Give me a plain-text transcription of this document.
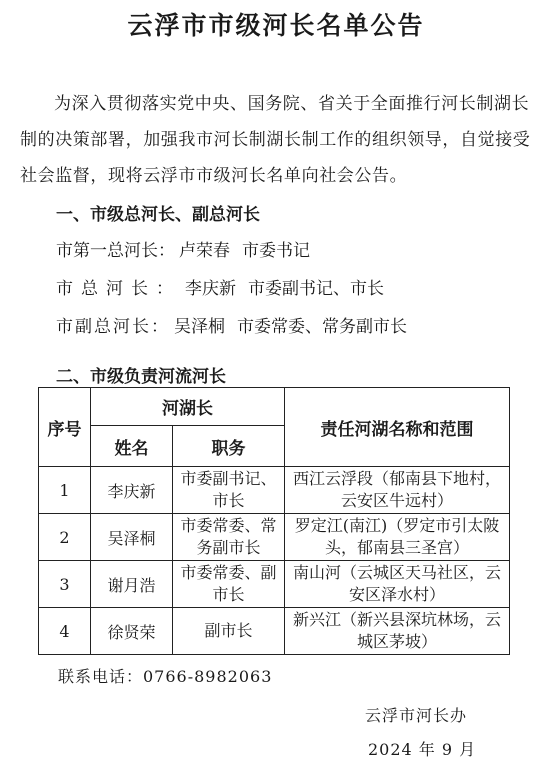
云浮市市级河长名单公告

为深入贯彻落实党中央、国务院、省关于全面推行河长制湖长制的决策部署，加强我市河长制湖长制工作的组织领导，自觉接受社会监督，现将云浮市市级河长名单向社会公告。

一、市级总河长、副总河长
市第一总河长： 卢荣春 市委书记
市总河长： 李庆新 市委副书记、市长
市副总河长： 吴泽桐 市委常委、常务副市长
二、市级负责河流河长
序号	河湖长		责任河湖名称和范围
	姓名	职务	
1	李庆新	市委副书记、市长	西江云浮段（郁南县下地村，云安区牛远村）
2	吴泽桐	市委常委、常务副市长	罗定江(南江)（罗定市引太陂头，郁南县三圣宫）
3	谢月浩	市委常委、副市长	南山河（云城区天马社区，云安区泽水村）
4	徐贤荣	副市长	新兴江（新兴县深坑林场，云城区茅坡）
联系电话：0766-8982063
云浮市河长办
2024 年 9 月
